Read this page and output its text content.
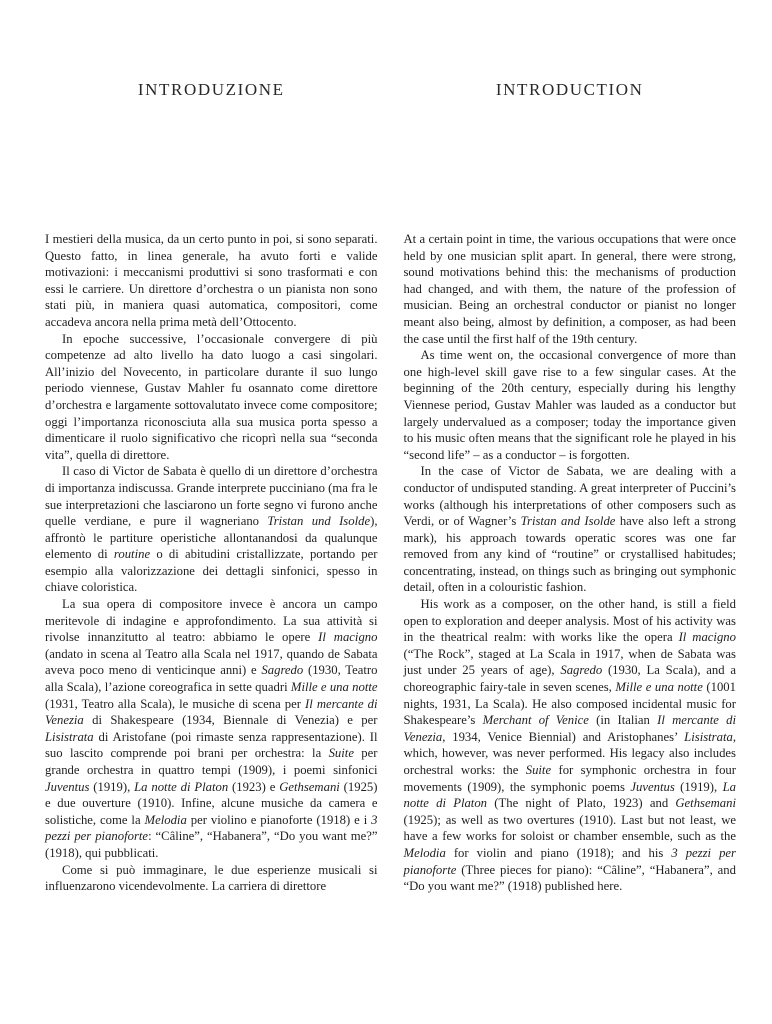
INTRODUZIONE

I mestieri della musica, da un certo punto in poi, si sono separati. Questo fatto, in linea generale, ha avuto forti e valide motivazioni: i meccanismi produttivi si sono trasformati e con essi le carriere. Un direttore d’orchestra o un pianista non sono stati più, in maniera quasi automatica, compositori, come accadeva ancora nella prima metà dell’Ottocento.

In epoche successive, l’occasionale convergere di più competenze ad alto livello ha dato luogo a casi singolari. All’inizio del Novecento, in particolare durante il suo lungo periodo viennese, Gustav Mahler fu osannato come direttore d’orchestra e largamente sottovalutato invece come compositore; oggi l’importanza riconosciuta alla sua musica porta spesso a dimenticare il ruolo significativo che ricoprì nella sua “seconda vita”, quella di direttore.

Il caso di Victor de Sabata è quello di un direttore d’orchestra di importanza indiscussa. Grande interprete pucciniano (ma fra le sue interpretazioni che lasciarono un forte segno vi furono anche quelle verdiane, e pure il wagneriano Tristan und Isolde), affrontò le partiture operistiche allontanandosi da qualunque elemento di routine o di abitudini cristallizzate, portando per esempio alla valorizzazione dei dettagli sinfonici, spesso in chiave coloristica.

La sua opera di compositore invece è ancora un campo meritevole di indagine e approfondimento. La sua attività si rivolse innanzitutto al teatro: abbiamo le opere Il macigno (andato in scena al Teatro alla Scala nel 1917, quando de Sabata aveva poco meno di venticinque anni) e Sagredo (1930, Teatro alla Scala), l’azione coreografica in sette quadri Mille e una notte (1931, Teatro alla Scala), le musiche di scena per Il mercante di Venezia di Shakespeare (1934, Biennale di Venezia) e per Lisistrata di Aristofane (poi rimaste senza rappresentazione). Il suo lascito comprende poi brani per orchestra: la Suite per grande orchestra in quattro tempi (1909), i poemi sinfonici Juventus (1919), La notte di Platon (1923) e Gethsemani (1925) e due ouverture (1910). Infine, alcune musiche da camera e solistiche, come la Melodia per violino e pianoforte (1918) e i 3 pezzi per pianoforte: “Câline”, “Habanera”, “Do you want me?” (1918), qui pubblicati.

Come si può immaginare, le due esperienze musicali si influenzarono vicendevolmente. La carriera di direttore

INTRODUCTION

At a certain point in time, the various occupations that were once held by one musician split apart. In general, there were strong, sound motivations behind this: the mechanisms of production had changed, and with them, the nature of the profession of musician. Being an orchestral conductor or pianist no longer meant also being, almost by definition, a composer, as had been the case until the first half of the 19th century.

As time went on, the occasional convergence of more than one high-level skill gave rise to a few singular cases. At the beginning of the 20th century, especially during his lengthy Viennese period, Gustav Mahler was lauded as a conductor but largely undervalued as a composer; today the importance given to his music often means that the significant role he played in his “second life” – as a conductor – is forgotten.

In the case of Victor de Sabata, we are dealing with a conductor of undisputed standing. A great interpreter of Puccini’s works (although his interpretations of other composers such as Verdi, or of Wagner’s Tristan and Isolde have also left a strong mark), his approach towards operatic scores was one far removed from any kind of “routine” or crystallised habitudes; concentrating, instead, on things such as bringing out symphonic detail, often in a colouristic fashion.

His work as a composer, on the other hand, is still a field open to exploration and deeper analysis. Most of his activity was in the theatrical realm: with works like the opera Il macigno (“The Rock”, staged at La Scala in 1917, when de Sabata was just under 25 years of age), Sagredo (1930, La Scala), and a choreographic fairy-tale in seven scenes, Mille e una notte (1001 nights, 1931, La Scala). He also composed incidental music for Shakespeare’s Merchant of Venice (in Italian Il mercante di Venezia, 1934, Venice Biennial) and Aristophanes’ Lisistrata, which, however, was never performed. His legacy also includes orchestral works: the Suite for symphonic orchestra in four movements (1909), the symphonic poems Juventus (1919), La notte di Platon (The night of Plato, 1923) and Gethsemani (1925); as well as two overtures (1910). Last but not least, we have a few works for soloist or chamber ensemble, such as the Melodia for violin and piano (1918); and his 3 pezzi per pianoforte (Three pieces for piano): “Câline”, “Habanera”, and “Do you want me?” (1918) published here.
